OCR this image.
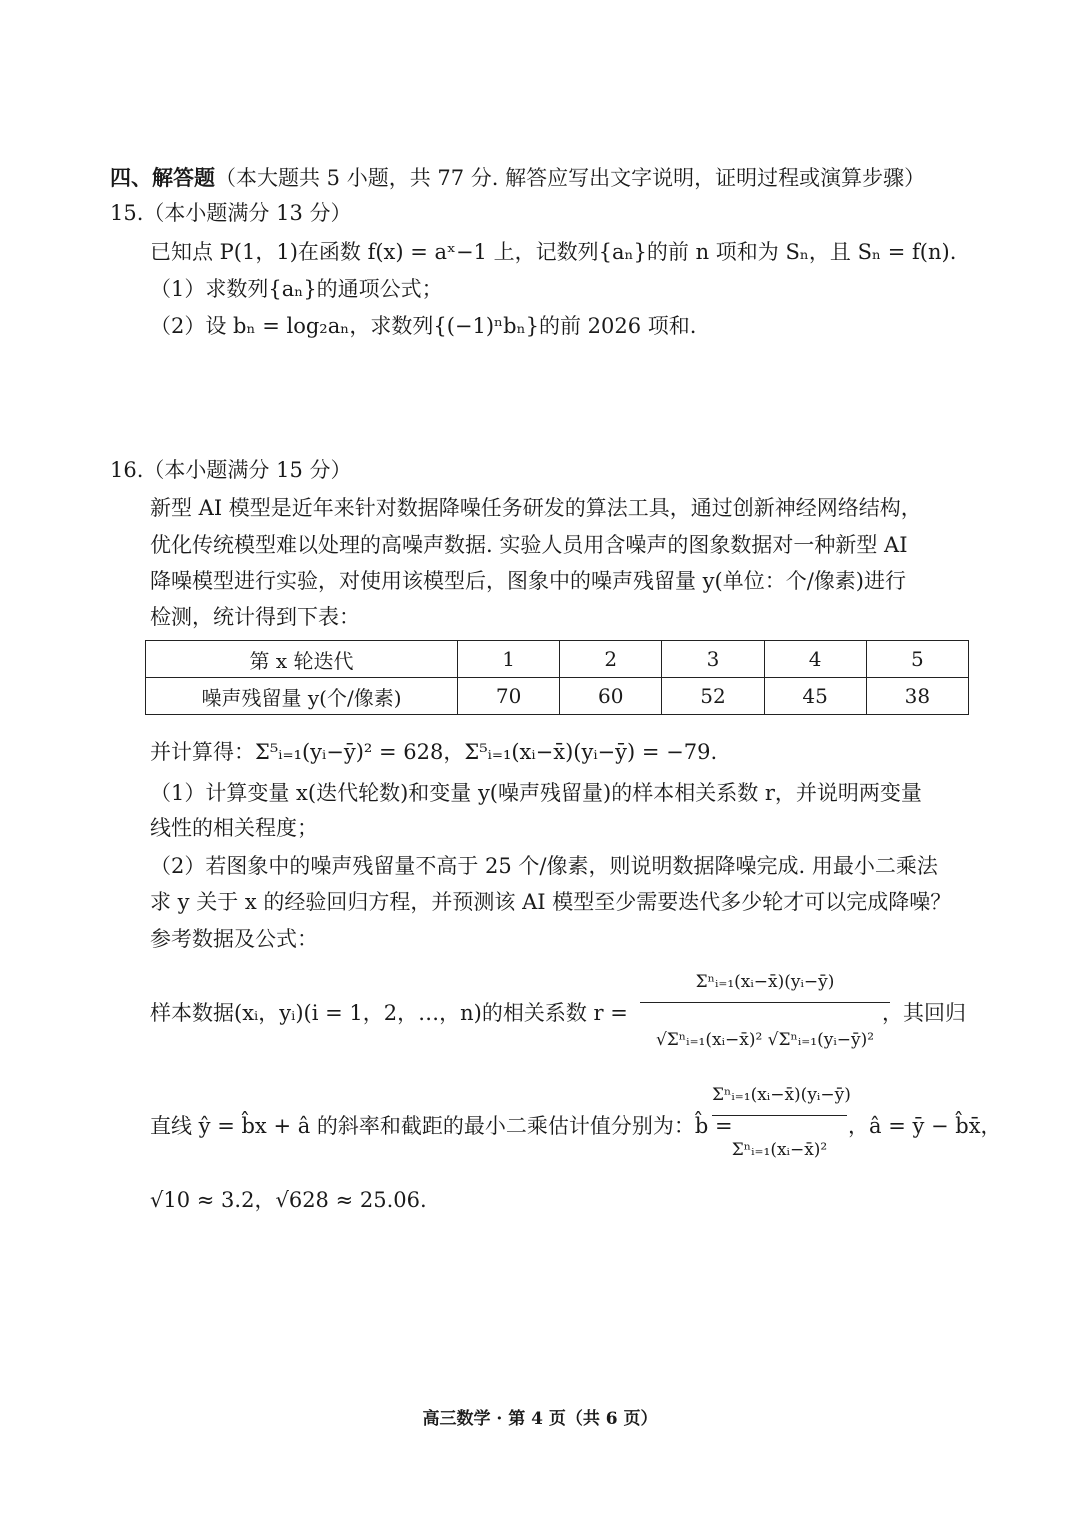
四、解答题（本大题共 5 小题，共 77 分. 解答应写出文字说明，证明过程或演算步骤）
15.（本小题满分 13 分）
已知点 P(1，1)在函数 f(x) = aˣ−1 上，记数列{aₙ}的前 n 项和为 Sₙ，且 Sₙ = f(n).
（1）求数列{aₙ}的通项公式；
（2）设 bₙ = log₂aₙ，求数列{(−1)ⁿbₙ}的前 2026 项和.
16.（本小题满分 15 分）
新型 AI 模型是近年来针对数据降噪任务研发的算法工具，通过创新神经网络结构，
优化传统模型难以处理的高噪声数据. 实验人员用含噪声的图象数据对一种新型 AI
降噪模型进行实验，对使用该模型后，图象中的噪声残留量 y(单位：个/像素)进行
检测，统计得到下表：
第 x 轮迭代	1	2	3	4	5
噪声残留量 y(个/像素)	70	60	52	45	38
并计算得：Σ⁵ᵢ₌₁(yᵢ−ȳ)² = 628，Σ⁵ᵢ₌₁(xᵢ−x̄)(yᵢ−ȳ) = −79.
（1）计算变量 x(迭代轮数)和变量 y(噪声残留量)的样本相关系数 r，并说明两变量
线性的相关程度；
（2）若图象中的噪声残留量不高于 25 个/像素，则说明数据降噪完成. 用最小二乘法
求 y 关于 x 的经验回归方程，并预测该 AI 模型至少需要迭代多少轮才可以完成降噪？
参考数据及公式：
样本数据(xᵢ，yᵢ)(i = 1，2，…，n)的相关系数 r =
Σⁿᵢ₌₁(xᵢ−x̄)(yᵢ−ȳ)
√Σⁿᵢ₌₁(xᵢ−x̄)² √Σⁿᵢ₌₁(yᵢ−ȳ)²
，其回归
直线 ŷ = b̂x + â 的斜率和截距的最小二乘估计值分别为：b̂ =
Σⁿᵢ₌₁(xᵢ−x̄)(yᵢ−ȳ)
Σⁿᵢ₌₁(xᵢ−x̄)²
，â = ȳ − b̂x̄，
√10 ≈ 3.2，√628 ≈ 25.06.
高三数学 · 第 4 页（共 6 页）
